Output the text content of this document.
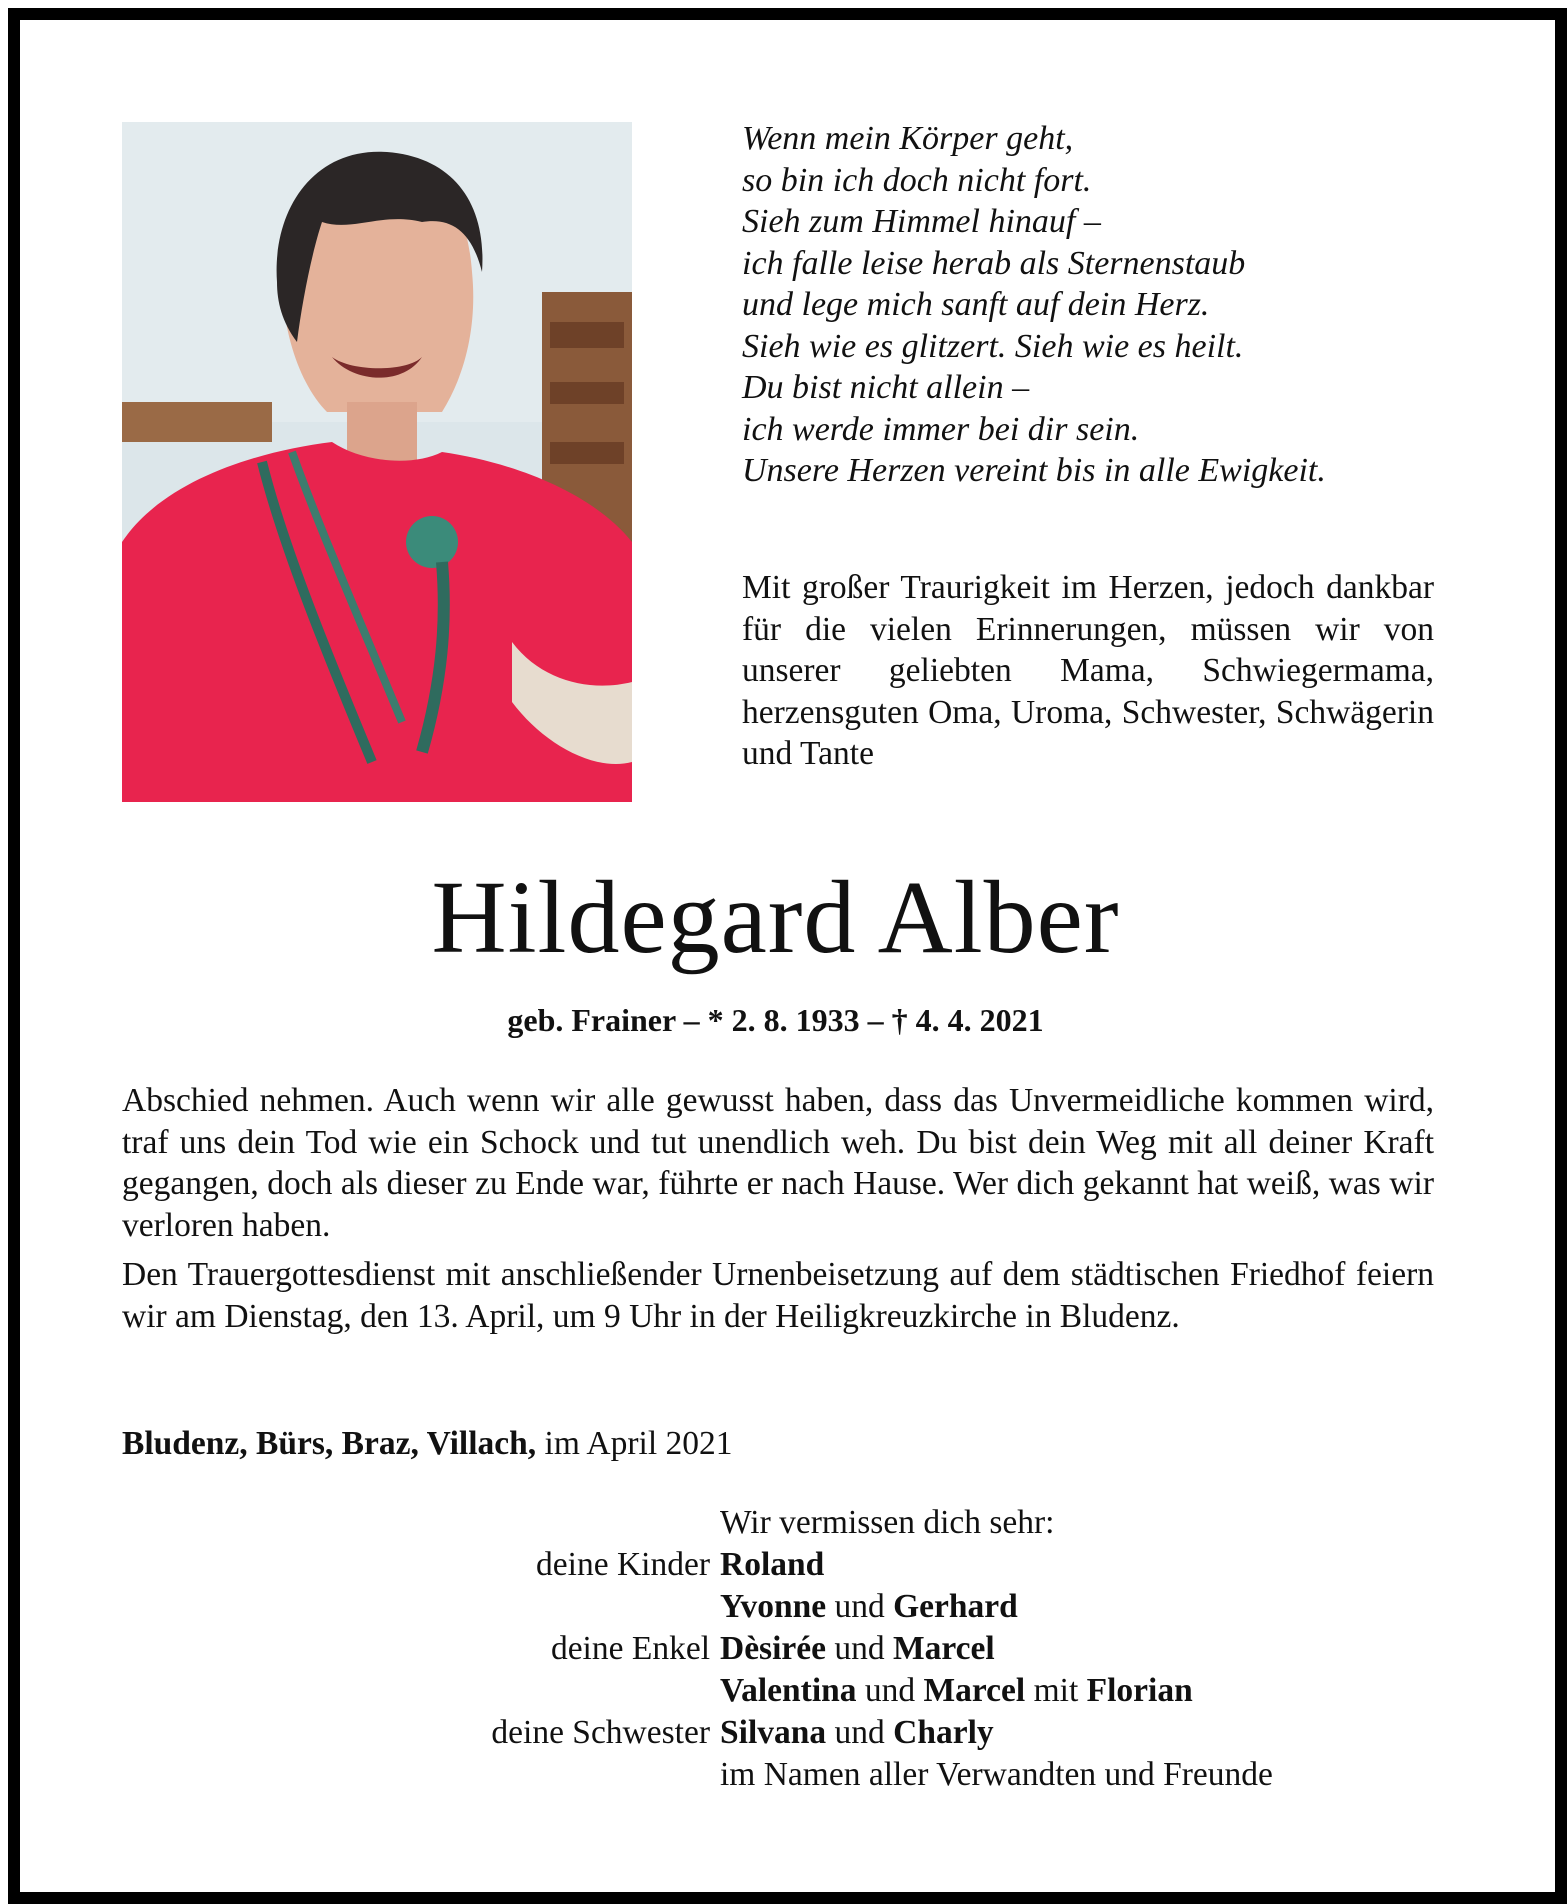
Wenn mein Körper geht,
so bin ich doch nicht fort.
Sieh zum Himmel hinauf –
ich falle leise herab als Sternenstaub
und lege mich sanft auf dein Herz.
Sieh wie es glitzert. Sieh wie es heilt.
Du bist nicht allein –
ich werde immer bei dir sein.
Unsere Herzen vereint bis in alle Ewigkeit.
Mit großer Traurigkeit im Herzen, jedoch dankbar für die vielen Erinnerungen, müssen wir von unserer geliebten Mama, Schwiegermama, herzensguten Oma, Uroma, Schwester, Schwägerin und Tante
Hildegard Alber
geb. Frainer – * 2. 8. 1933 – † 4. 4. 2021

Abschied nehmen. Auch wenn wir alle gewusst haben, dass das Unvermeidliche kommen wird, traf uns dein Tod wie ein Schock und tut unendlich weh. Du bist dein Weg mit all deiner Kraft gegangen, doch als dieser zu Ende war, führte er nach Hause. Wer dich gekannt hat weiß, was wir verloren haben.

Den Trauergottesdienst mit anschließender Urnenbeisetzung auf dem städtischen Friedhof feiern wir am Dienstag, den 13. April, um 9 Uhr in der Heiligkreuzkirche in Bludenz.

Bludenz, Bürs, Braz, Villach, im April 2021
Wir vermissen dich sehr:
deine Kinder Roland
Yvonne und Gerhard
deine Enkel Dèsirée und Marcel
Valentina und Marcel mit Florian
deine Schwester Silvana und Charly
im Namen aller Verwandten und Freunde
